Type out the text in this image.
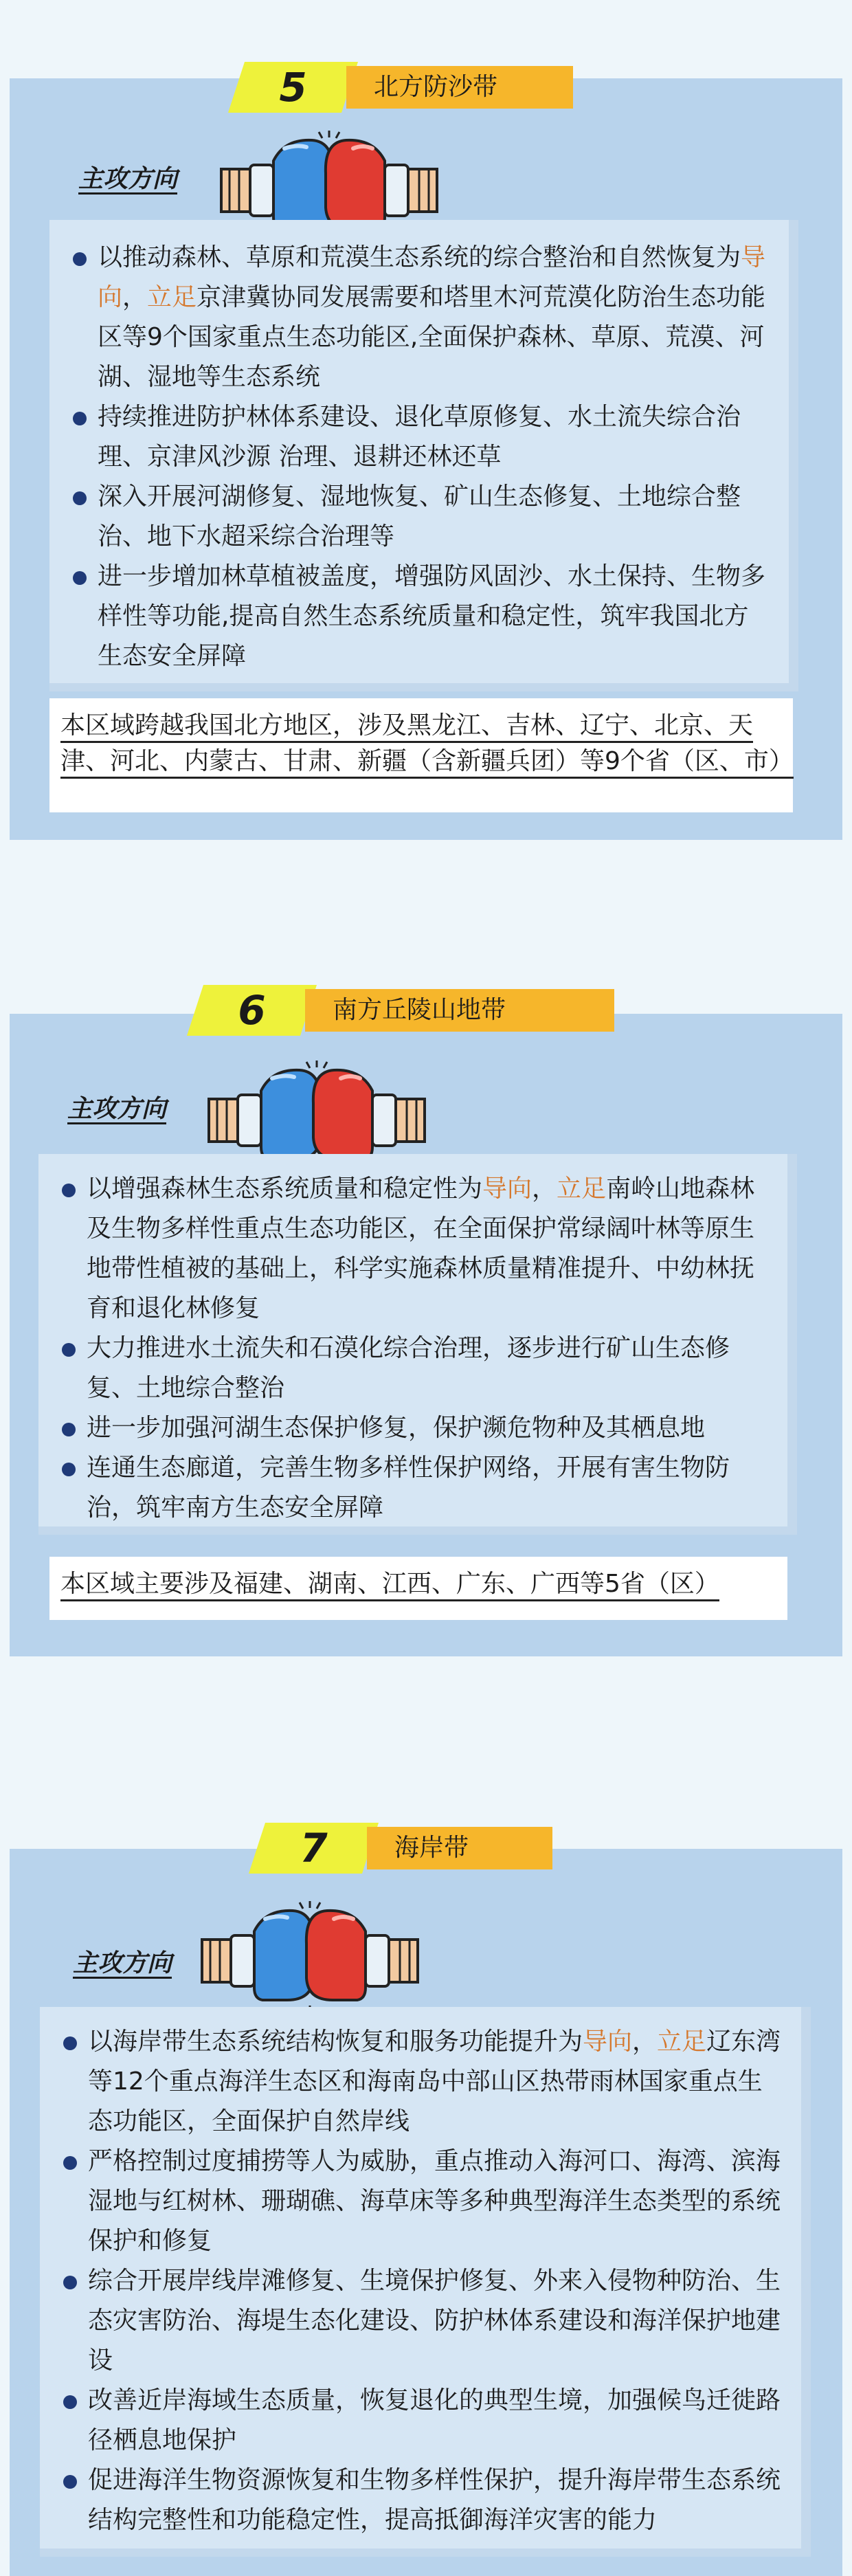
5	北方防沙带
主攻方向
以推动森林、草原和荒漠生态系统的综合整治和自然恢复为导向，立足京津冀协同发展需要和塔里木河荒漠化防治生态功能区等9个国家重点生态功能区,全面保护森林、草原、荒漠、河湖、湿地等生态系统
持续推进防护林体系建设、退化草原修复、水土流失综合治理、京津风沙源 治理、退耕还林还草
深入开展河湖修复、湿地恢复、矿山生态修复、土地综合整治、地下水超采综合治理等
进一步增加林草植被盖度，增强防风固沙、水土保持、生物多样性等功能,提高自然生态系统质量和稳定性，筑牢我国北方生态安全屏障
本区域跨越我国北方地区，涉及黑龙江、吉林、辽宁、北京、天津、河北、内蒙古、甘肃、新疆（含新疆兵团）等9个省（区、市）
6	南方丘陵山地带
主攻方向
以增强森林生态系统质量和稳定性为导向，立足南岭山地森林及生物多样性重点生态功能区，在全面保护常绿阔叶林等原生地带性植被的基础上，科学实施森林质量精准提升、中幼林抚育和退化林修复
大力推进水土流失和石漠化综合治理，逐步进行矿山生态修复、土地综合整治
进一步加强河湖生态保护修复，保护濒危物种及其栖息地
连通生态廊道，完善生物多样性保护网络，开展有害生物防治，筑牢南方生态安全屏障
本区域主要涉及福建、湖南、江西、广东、广西等5省（区）
7	海岸带
主攻方向
以海岸带生态系统结构恢复和服务功能提升为导向，立足辽东湾等12个重点海洋生态区和海南岛中部山区热带雨林国家重点生态功能区，全面保护自然岸线
严格控制过度捕捞等人为威胁，重点推动入海河口、海湾、滨海湿地与红树林、珊瑚礁、海草床等多种典型海洋生态类型的系统保护和修复
综合开展岸线岸滩修复、生境保护修复、外来入侵物种防治、生态灾害防治、海堤生态化建设、防护林体系建设和海洋保护地建设
改善近岸海域生态质量，恢复退化的典型生境，加强候鸟迁徙路径栖息地保护
促进海洋生物资源恢复和生物多样性保护，提升海岸带生态系统结构完整性和功能稳定性，提高抵御海洋灾害的能力
